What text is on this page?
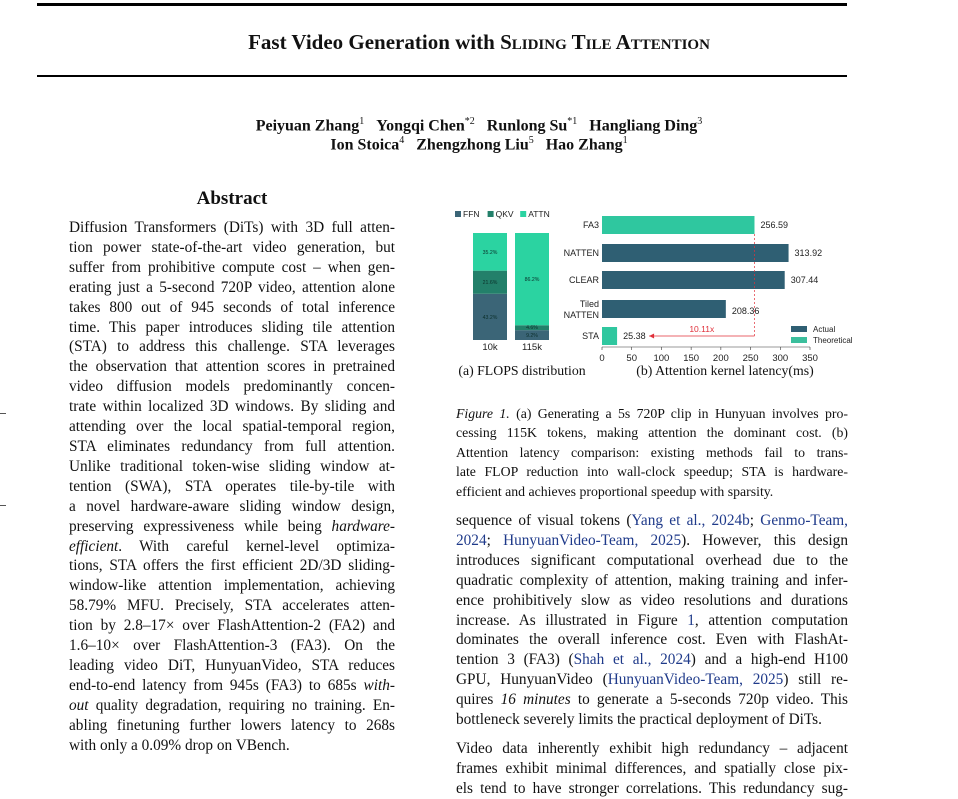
Fast Video Generation with Sliding Tile Attention
Peiyuan Zhang$^1$ Yongqi Chen$^{*2}$ Runlong Su$^{*1}$ Hangliang Ding$^3$
Ion Stoica$^4$ Zhengzhong Liu$^5$ Hao Zhang$^1$
Abstract
Diffusion Transformers (DiTs) with 3D full atten-
tion power state-of-the-art video generation, but
suffer from prohibitive compute cost – when gen-
erating just a 5-second 720P video, attention alone
takes 800 out of 945 seconds of total inference
time. This paper introduces sliding tile attention
(STA) to address this challenge. STA leverages
the observation that attention scores in pretrained
video diffusion models predominantly concen-
trate within localized 3D windows. By sliding and
attending over the local spatial-temporal region,
STA eliminates redundancy from full attention.
Unlike traditional token-wise sliding window at-
tention (SWA), STA operates tile-by-tile with
a novel hardware-aware sliding window design,
preserving expressiveness while being hardware-
efficient. With careful kernel-level optimiza-
tions, STA offers the first efficient 2D/3D sliding-
window-like attention implementation, achieving
58.79% MFU. Precisely, STA accelerates atten-
tion by 2.8–17× over FlashAttention-2 (FA2) and
1.6–10× over FlashAttention-3 (FA3). On the
leading video DiT, HunyuanVideo, STA reduces
end-to-end latency from 945s (FA3) to 685s with-
out quality degradation, requiring no training. En-
abling finetuning further lowers latency to 268s
with only a 0.09% drop on VBench.
FFN QKV ATTN
43.2%
21.6%
35.2%
10k
9.2%
4.6%
86.2%
115k
FA3	256.59
NATTEN	313.92
CLEAR	307.44
Tiled
NATTEN	208.36
STA	25.38
0 50 100 150 200 250 300 350
10.11x	Actual
Theoretical
(a) FLOPS distribution	(b) Attention kernel latency(ms)
Figure 1. (a) Generating a 5s 720P clip in Hunyuan involves pro-
cessing 115K tokens, making attention the dominant cost. (b)
Attention latency comparison: existing methods fail to trans-
late FLOP reduction into wall-clock speedup; STA is hardware-
efficient and achieves proportional speedup with sparsity.
sequence of visual tokens (Yang et al., 2024b; Genmo-Team,
2024; HunyuanVideo-Team, 2025). However, this design
introduces significant computational overhead due to the
quadratic complexity of attention, making training and infer-
ence prohibitively slow as video resolutions and durations
increase. As illustrated in Figure 1, attention computation
dominates the overall inference cost. Even with FlashAt-
tention 3 (FA3) (Shah et al., 2024) and a high-end H100
GPU, HunyuanVideo (HunyuanVideo-Team, 2025) still re-
quires 16 minutes to generate a 5-seconds 720p video. This
bottleneck severely limits the practical deployment of DiTs.
Video data inherently exhibit high redundancy – adjacent
frames exhibit minimal differences, and spatially close pix-
els tend to have stronger correlations. This redundancy sug-
